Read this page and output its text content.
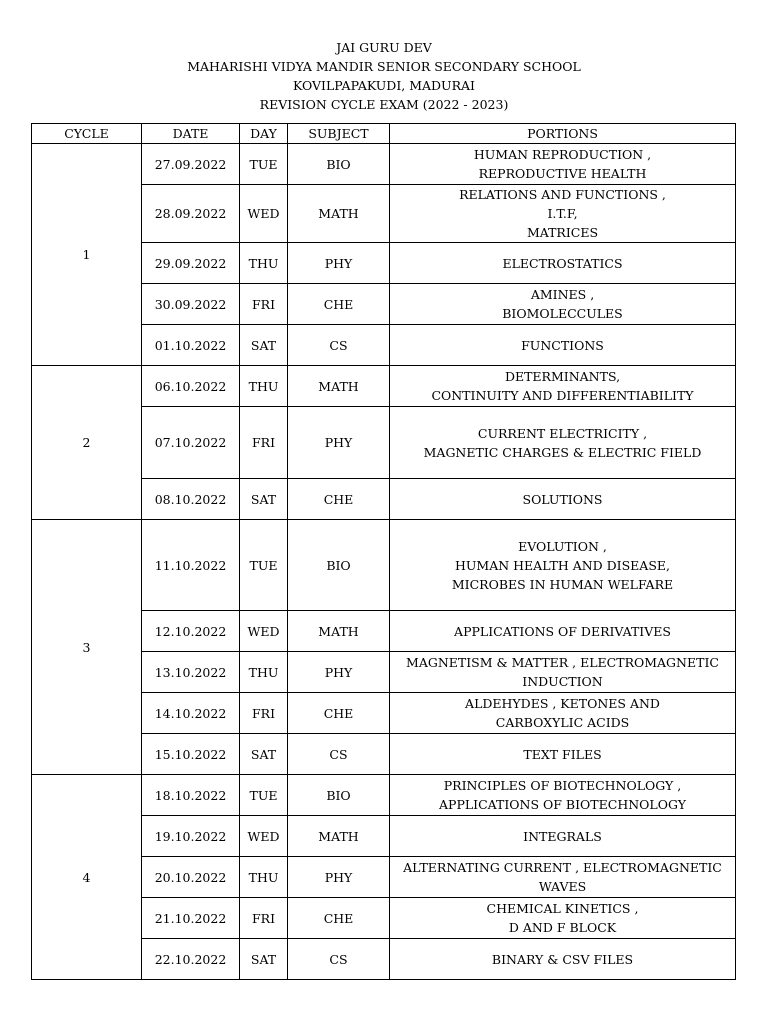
JAI GURU DEV
MAHARISHI VIDYA MANDIR SENIOR SECONDARY SCHOOL
KOVILPAPAKUDI, MADURAI
REVISION CYCLE EXAM (2022 - 2023)
CYCLE	DATE	DAY	SUBJECT	PORTIONS
1	27.09.2022	TUE	BIO	HUMAN REPRODUCTION ,
REPRODUCTIVE HEALTH
	28.09.2022	WED	MATH	RELATIONS AND FUNCTIONS ,
I.T.F,
MATRICES
	29.09.2022	THU	PHY	ELECTROSTATICS
	30.09.2022	FRI	CHE	AMINES ,
BIOMOLECCULES
	01.10.2022	SAT	CS	FUNCTIONS
2	06.10.2022	THU	MATH	DETERMINANTS,
CONTINUITY AND DIFFERENTIABILITY
	07.10.2022	FRI	PHY	CURRENT ELECTRICITY ,
MAGNETIC CHARGES & ELECTRIC FIELD
	08.10.2022	SAT	CHE	SOLUTIONS
3	11.10.2022	TUE	BIO	EVOLUTION ,
HUMAN HEALTH AND DISEASE,
MICROBES IN HUMAN WELFARE
	12.10.2022	WED	MATH	APPLICATIONS OF DERIVATIVES
	13.10.2022	THU	PHY	MAGNETISM & MATTER , ELECTROMAGNETIC
INDUCTION
	14.10.2022	FRI	CHE	ALDEHYDES , KETONES AND
CARBOXYLIC ACIDS
	15.10.2022	SAT	CS	TEXT FILES
4	18.10.2022	TUE	BIO	PRINCIPLES OF BIOTECHNOLOGY ,
APPLICATIONS OF BIOTECHNOLOGY
	19.10.2022	WED	MATH	INTEGRALS
	20.10.2022	THU	PHY	ALTERNATING CURRENT , ELECTROMAGNETIC
WAVES
	21.10.2022	FRI	CHE	CHEMICAL KINETICS ,
D AND F BLOCK
	22.10.2022	SAT	CS	BINARY & CSV FILES
